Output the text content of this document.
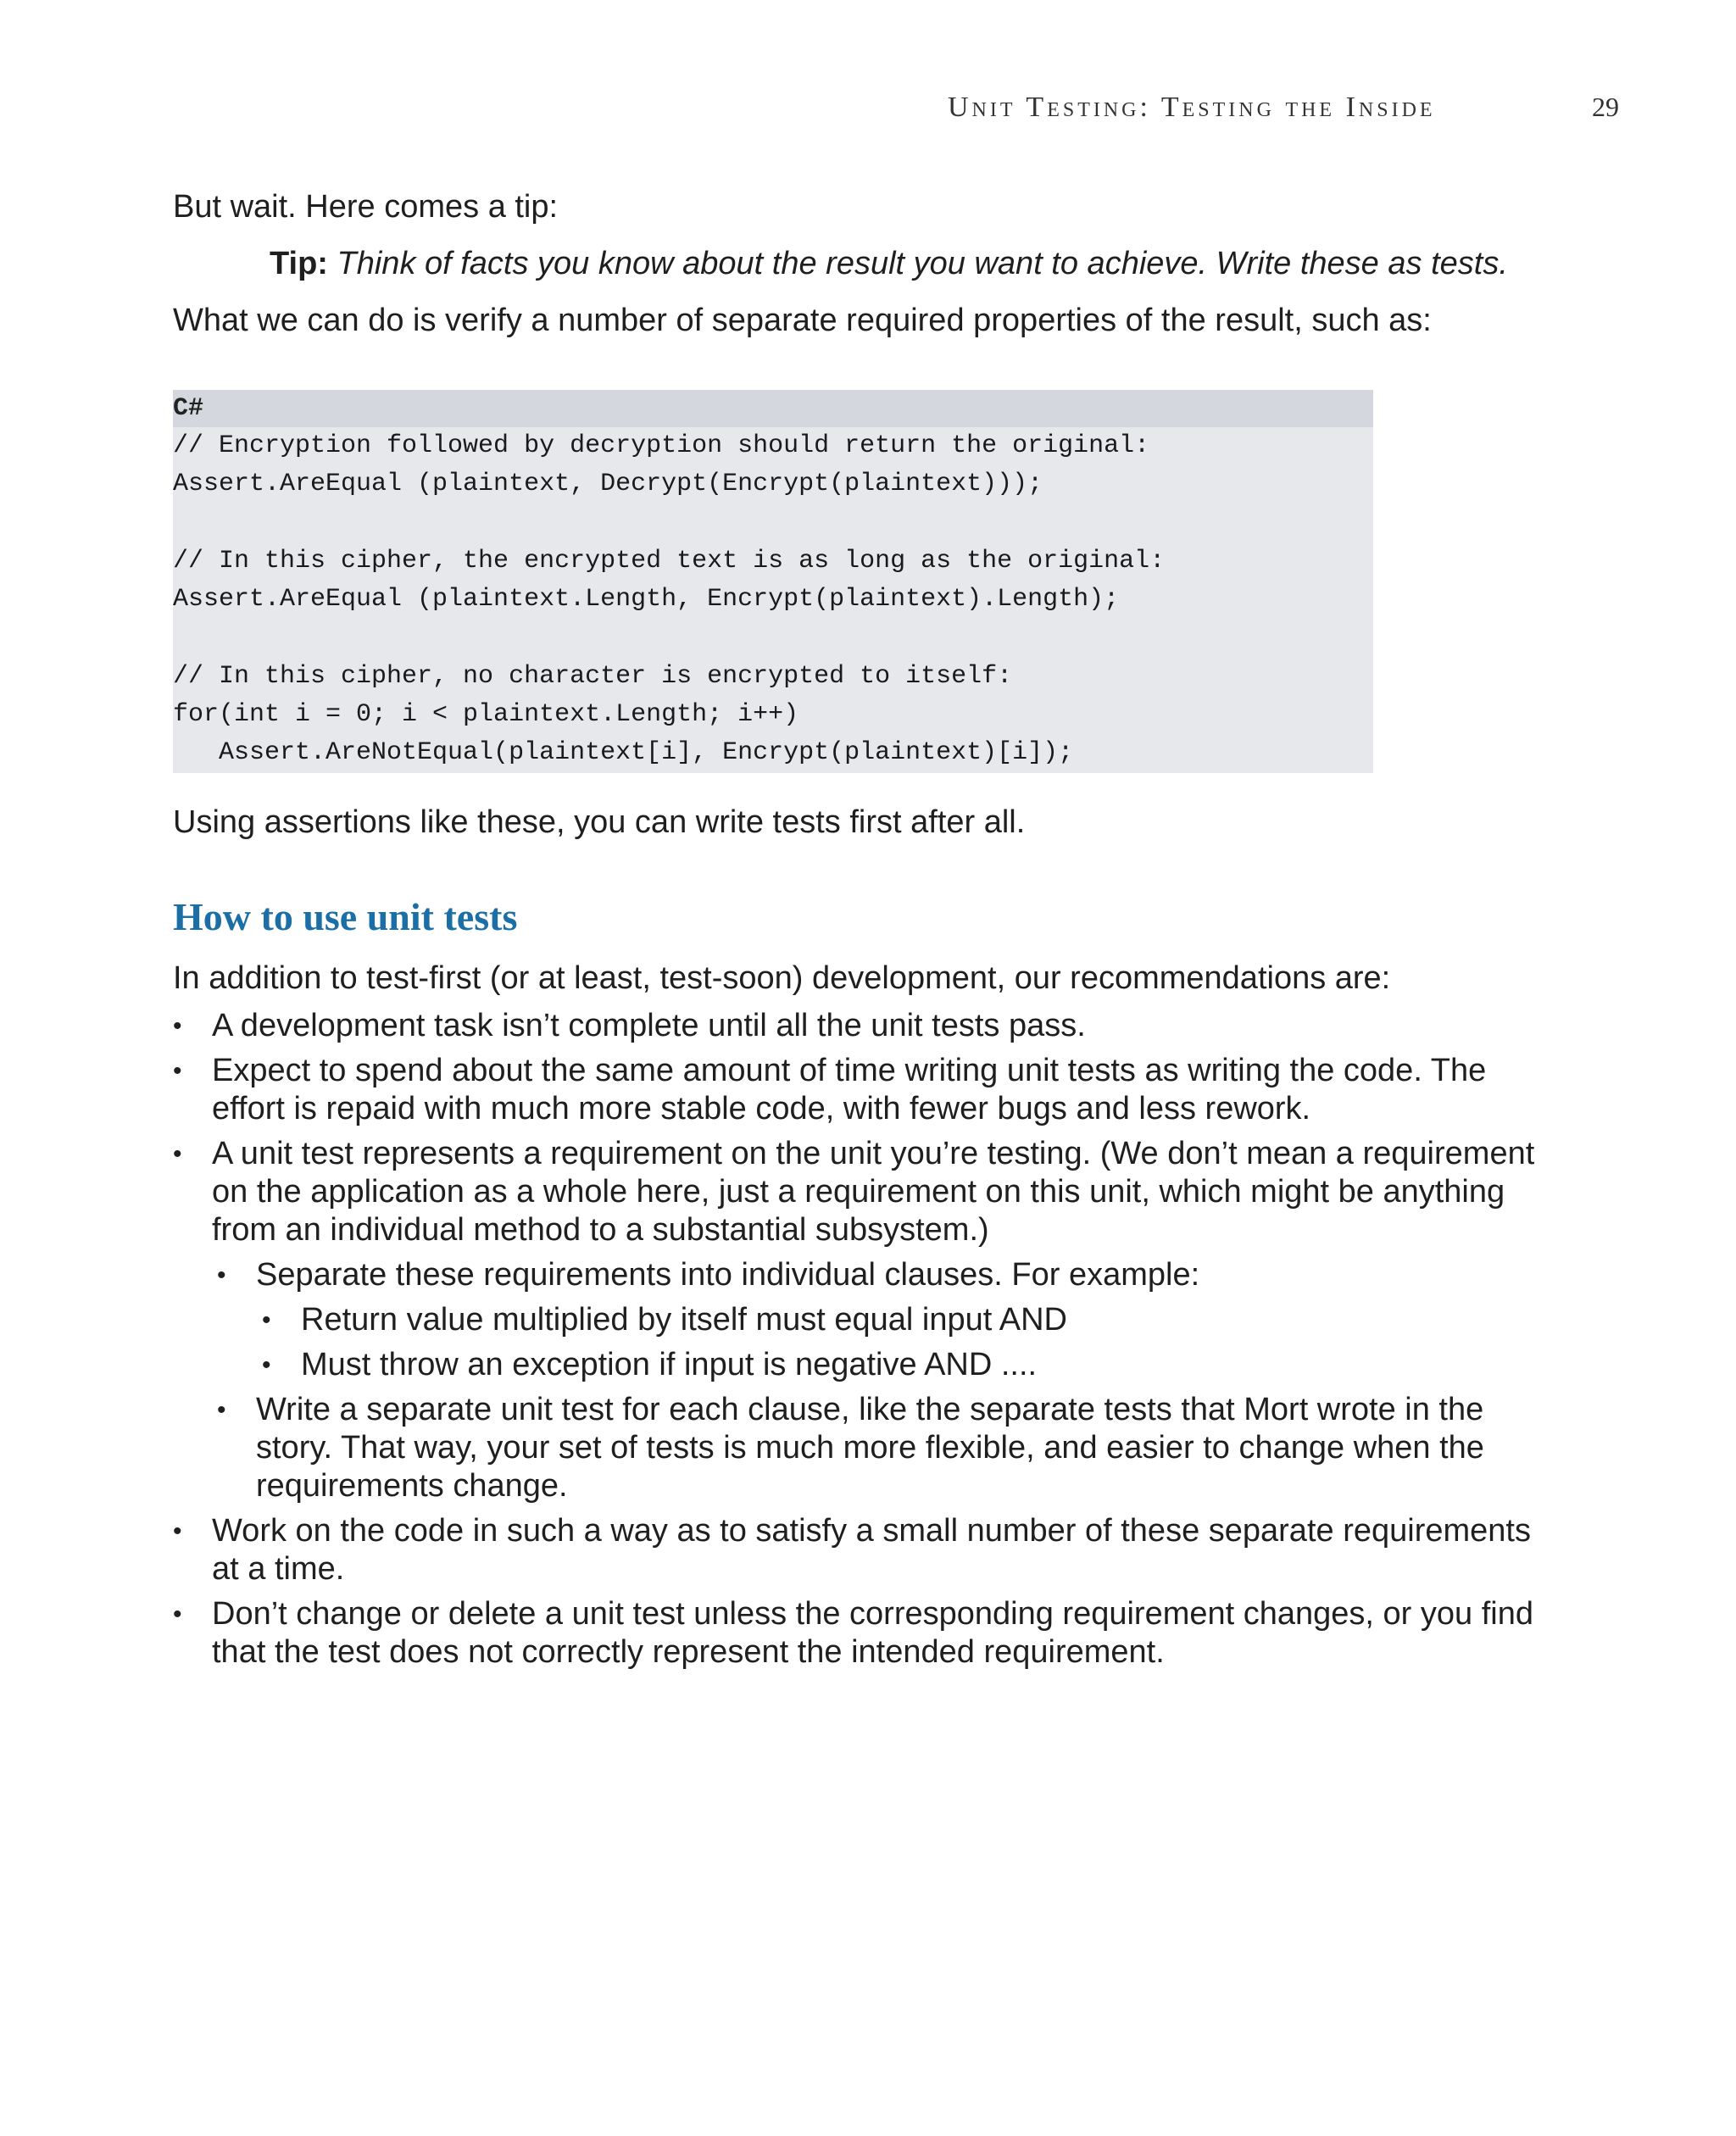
Unit Testing: Testing the Inside	29
But wait. Here comes a tip:
Tip: Think of facts you know about the result you want to achieve. Write these as tests.
What we can do is verify a number of separate required properties of the result, such as:
C#
// Encryption followed by decryption should return the original:
Assert.AreEqual (plaintext, Decrypt(Encrypt(plaintext)));
// In this cipher, the encrypted text is as long as the original:
Assert.AreEqual (plaintext.Length, Encrypt(plaintext).Length);
// In this cipher, no character is encrypted to itself:
for(int i = 0; i < plaintext.Length; i++)
Assert.AreNotEqual(plaintext[i], Encrypt(plaintext)[i]);
Using assertions like these, you can write tests first after all.
How to use unit tests
In addition to test-first (or at least, test-soon) development, our recommendations are:
• A development task isn’t complete until all the unit tests pass.
• Expect to spend about the same amount of time writing unit tests as writing the code. The effort is repaid with much more stable code, with fewer bugs and less rework.
• A unit test represents a requirement on the unit you’re testing. (We don’t mean a requirement on the application as a whole here, just a requirement on this unit, which might be anything from an individual method to a substantial subsystem.)
• Separate these requirements into individual clauses. For example:
• Return value multiplied by itself must equal input AND
• Must throw an exception if input is negative AND ....
• Write a separate unit test for each clause, like the separate tests that Mort wrote in the story. That way, your set of tests is much more flexible, and easier to change when the requirements change.
• Work on the code in such a way as to satisfy a small number of these separate requirements at a time.
• Don’t change or delete a unit test unless the corresponding requirement changes, or you find that the test does not correctly represent the intended requirement.
